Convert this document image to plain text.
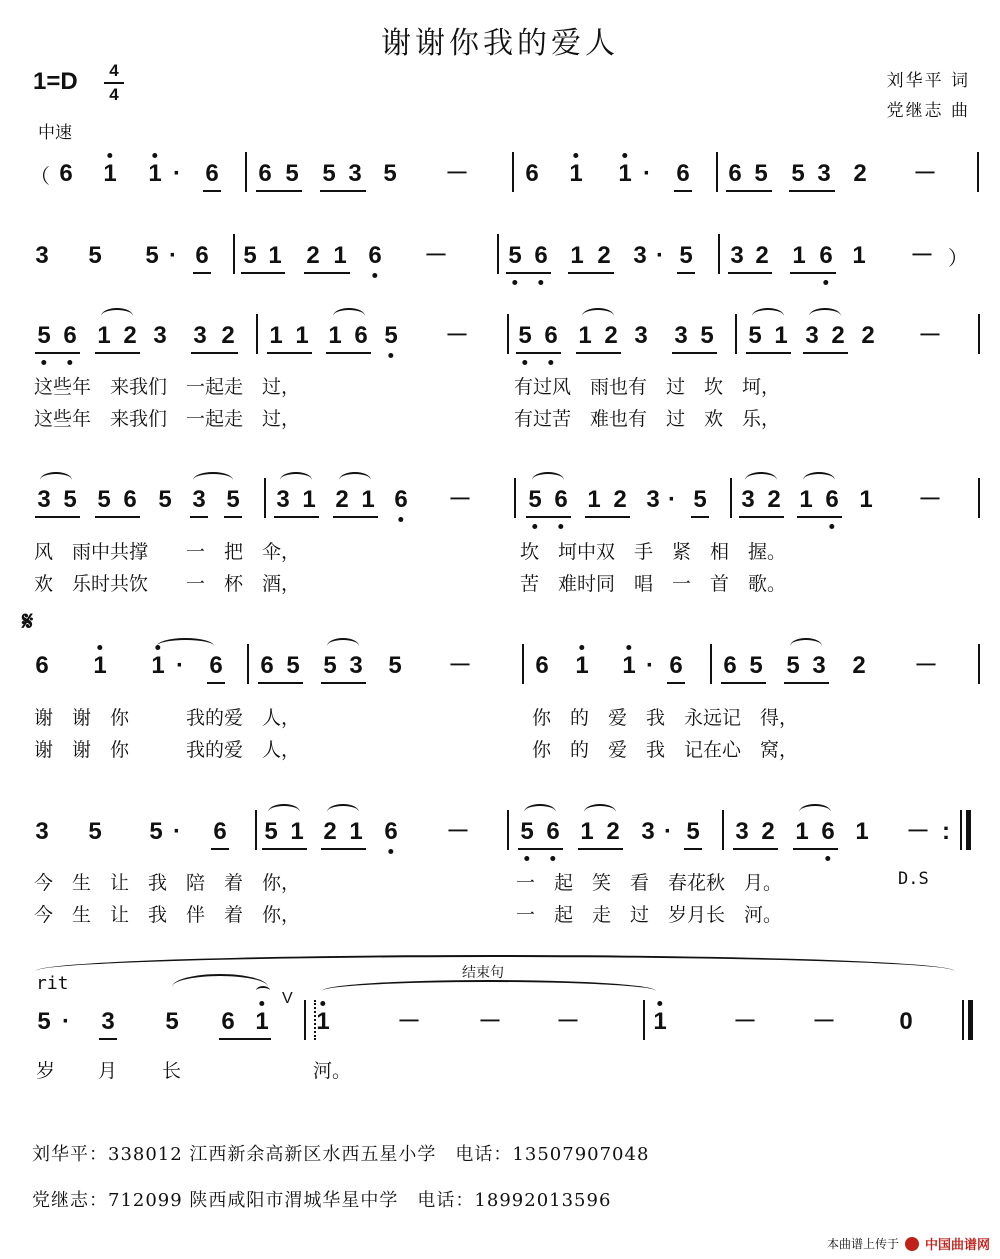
谢谢你我的爱人
1=D	4
4
中速
刘华平 词
党继志 曲
（ 6 1 1 · 6 6 5 5 3 5 － 6 1 1 · 6 6 5 5 3 2 －
3 5 5 · 6 5 1 2 1 6 －	5 6 1 2 3 · 5 3 2 1 6 1 － ）
5 6 1 2 3 3 2 1 1 1 6 5 － 5 6 1 2 3 3 5 5 1 3 2 2 －
这些年　来我们　一起走　过，	有过风　雨也有　过　坎　坷，
这些年　来我们　一起走　过，	有过苦　难也有　过　欢　乐，
3 5 5 6 5 3 5 3 1 2 1 6 － 5 6 1 2 3 · 5 3 2 1 6 1 －
风　雨中共撑　　一　把　伞，	坎　坷中双　手　紧　相　握。
欢　乐时共饮　　一　杯　酒，	苦　难时同　唱　一　首　歌。
𝄋
6 1 1 · 6 6 5 5 3 5 －	6 1 1 · 6 6 5 5 3 2 －
谢　谢　你　　　我的爱　人，	你　的　爱　我　永远记　得，
谢　谢　你　　　我的爱　人，	你　的　爱　我　记在心　窝，
3 5 5 · 6 5 1 2 1 6 － 5 6 1 2 3 · 5 3 2 1 6 1 － :
今　生　让　我　陪　着　你，	一　起　笑　看　春花秋　月。	D.S
今　生　让　我　伴　着　你，	一　起　走　过　岁月长　河。
结束句
rit
5 · 3 5 6 1
V
1	－ － －	1	－ －	0
岁 月 长	河。
刘华平：338012 江西新余高新区水西五星小学　电话：13507907048
党继志：712099 陕西咸阳市渭城华星中学　电话：18992013596
本曲谱上传于 中国曲谱网
